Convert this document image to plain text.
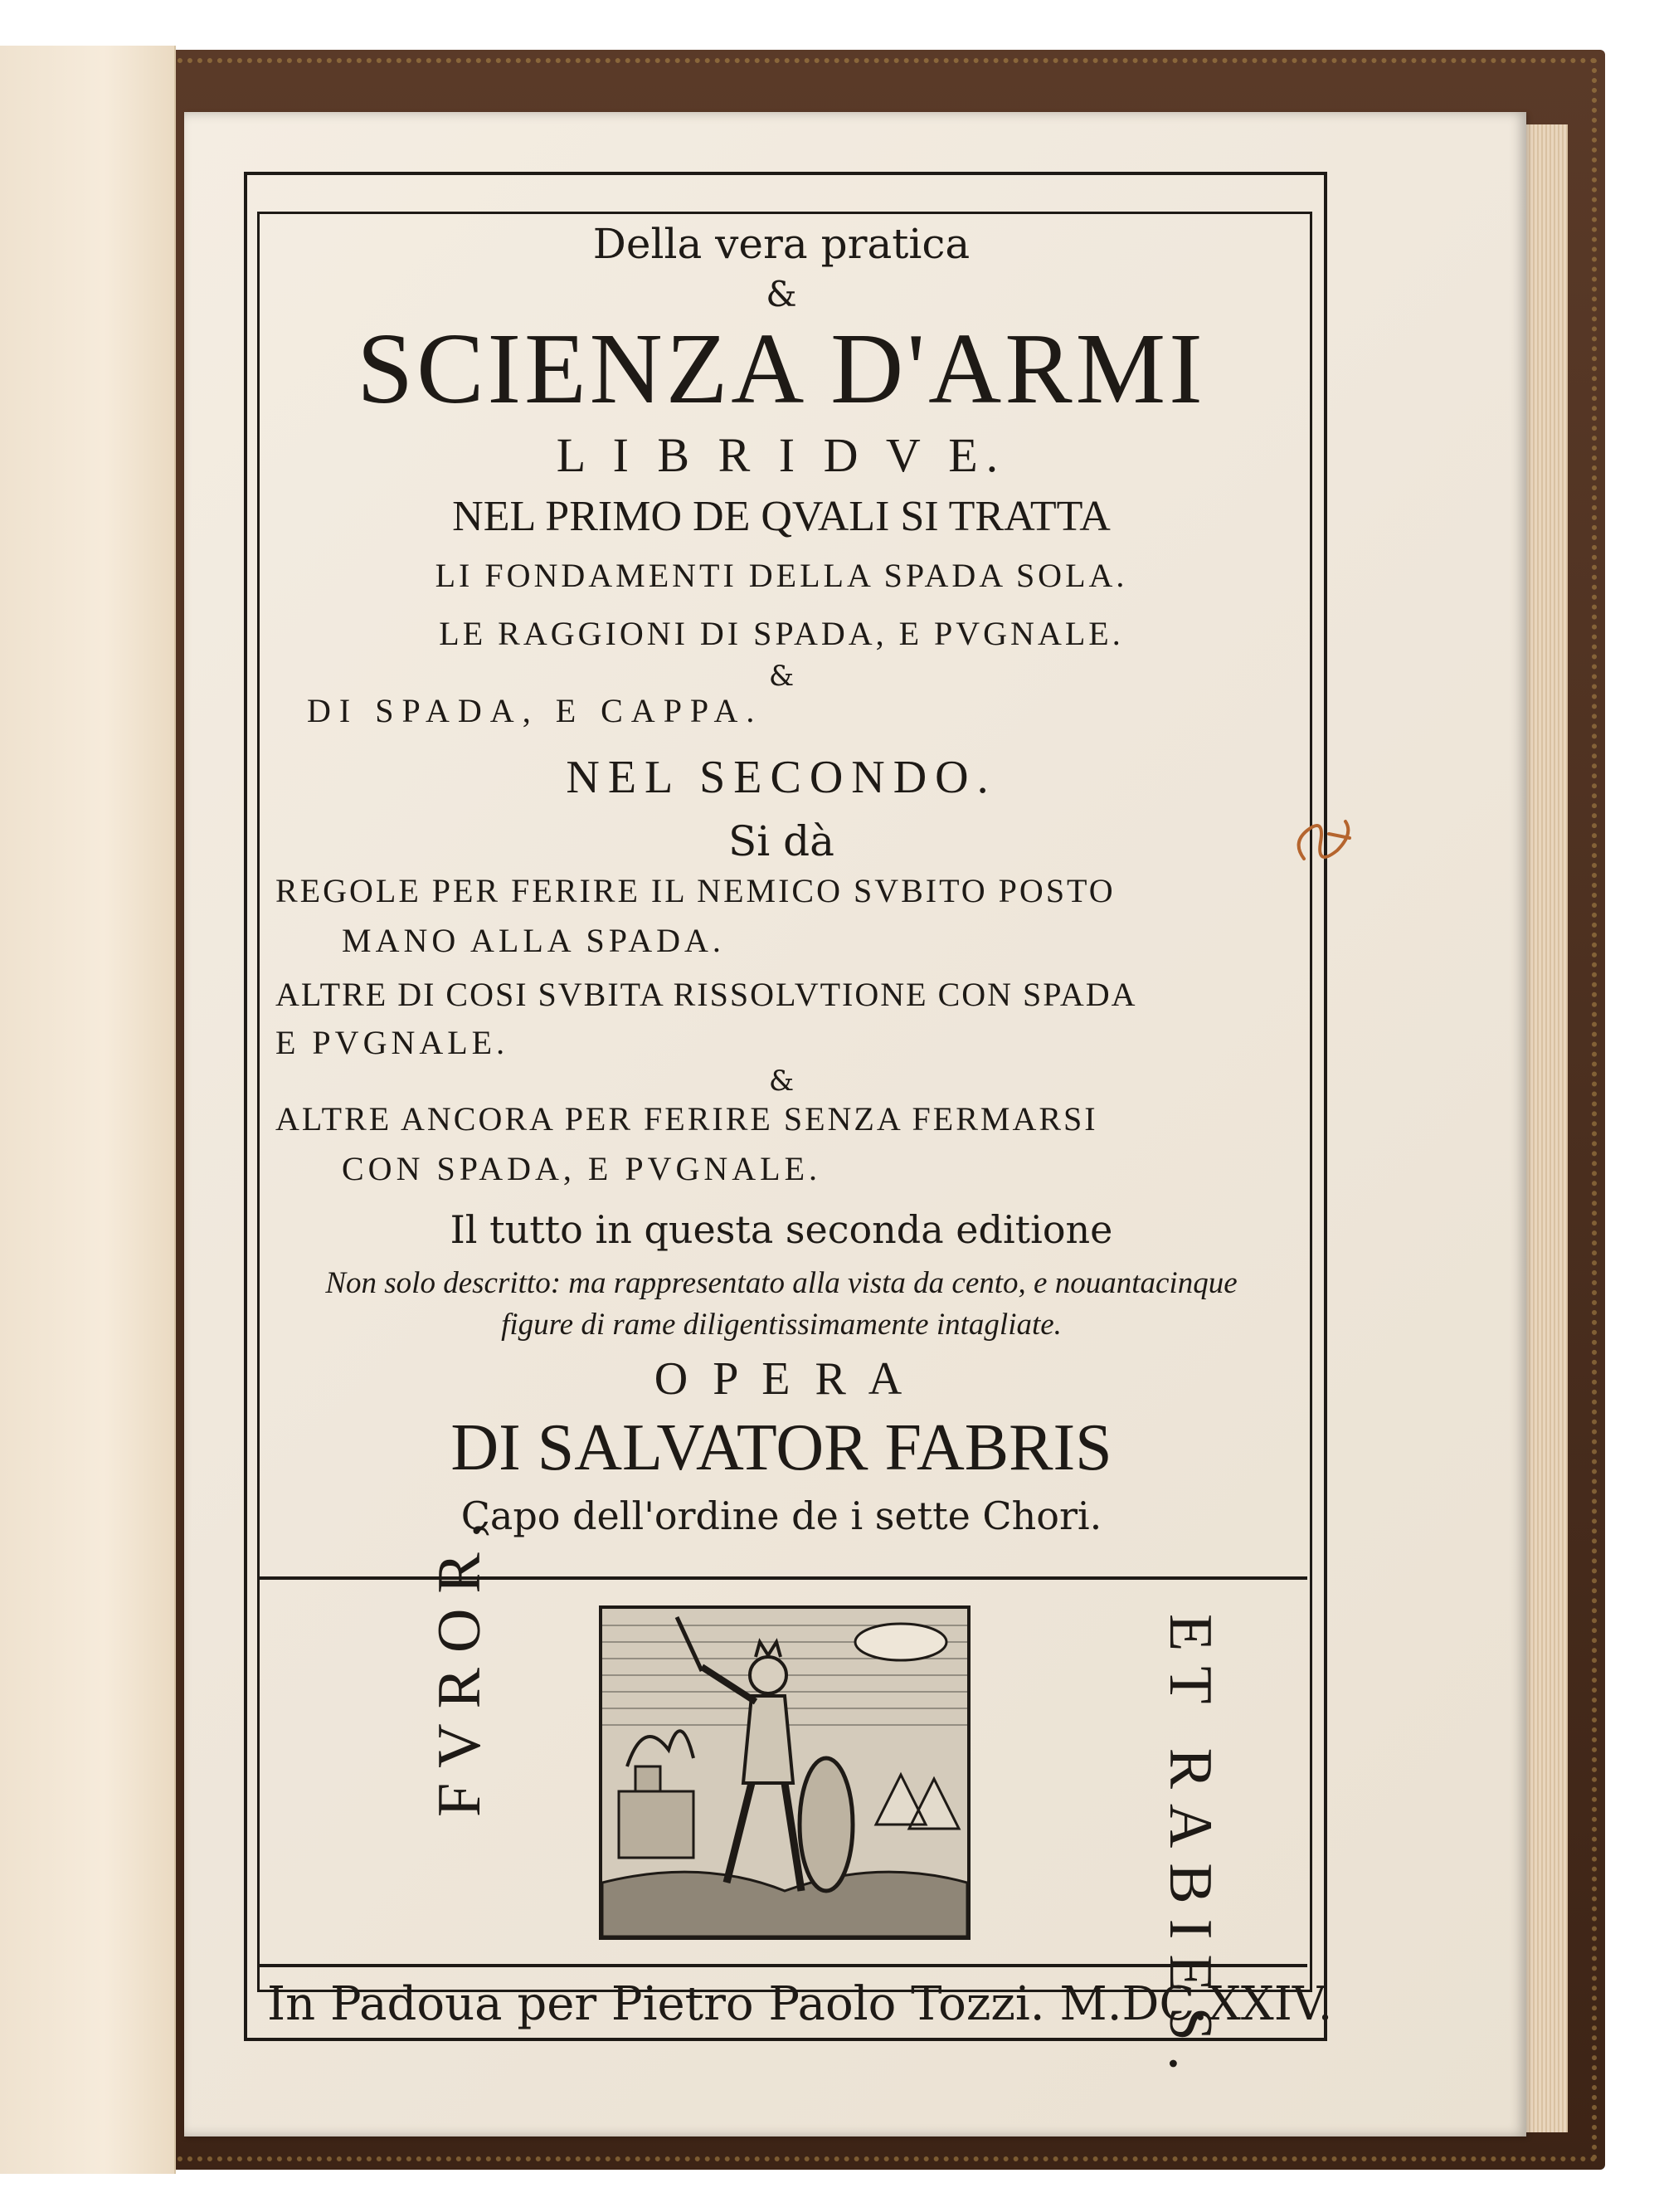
Della vera pratica
&
SCIENZA D'ARMI
L I B R I D V E.
NEL PRIMO DE QVALI SI TRATTA
LI FONDAMENTI DELLA SPADA SOLA.
LE RAGGIONI DI SPADA, E PVGNALE.
&
DI SPADA, E CAPPA.
NEL SECONDO.
Si dà
REGOLE PER FERIRE IL NEMICO SVBITO POSTO
MANO ALLA SPADA.
ALTRE DI COSI SVBITA RISSOLVTIONE CON SPADA
E PVGNALE.
&
ALTRE ANCORA PER FERIRE SENZA FERMARSI
CON SPADA, E PVGNALE.
Il tutto in questa seconda editione
Non solo descritto: ma rappresentato alla vista da cento, e nouantacinque
figure di rame diligentissimamente intagliate.
O P E R A
DI SALVATOR FABRIS
Capo dell'ordine de i sette Chori.
FVROR,	ET RABIES.
In Padoua per Pietro Paolo Tozzi. M.DC.XXIV.
